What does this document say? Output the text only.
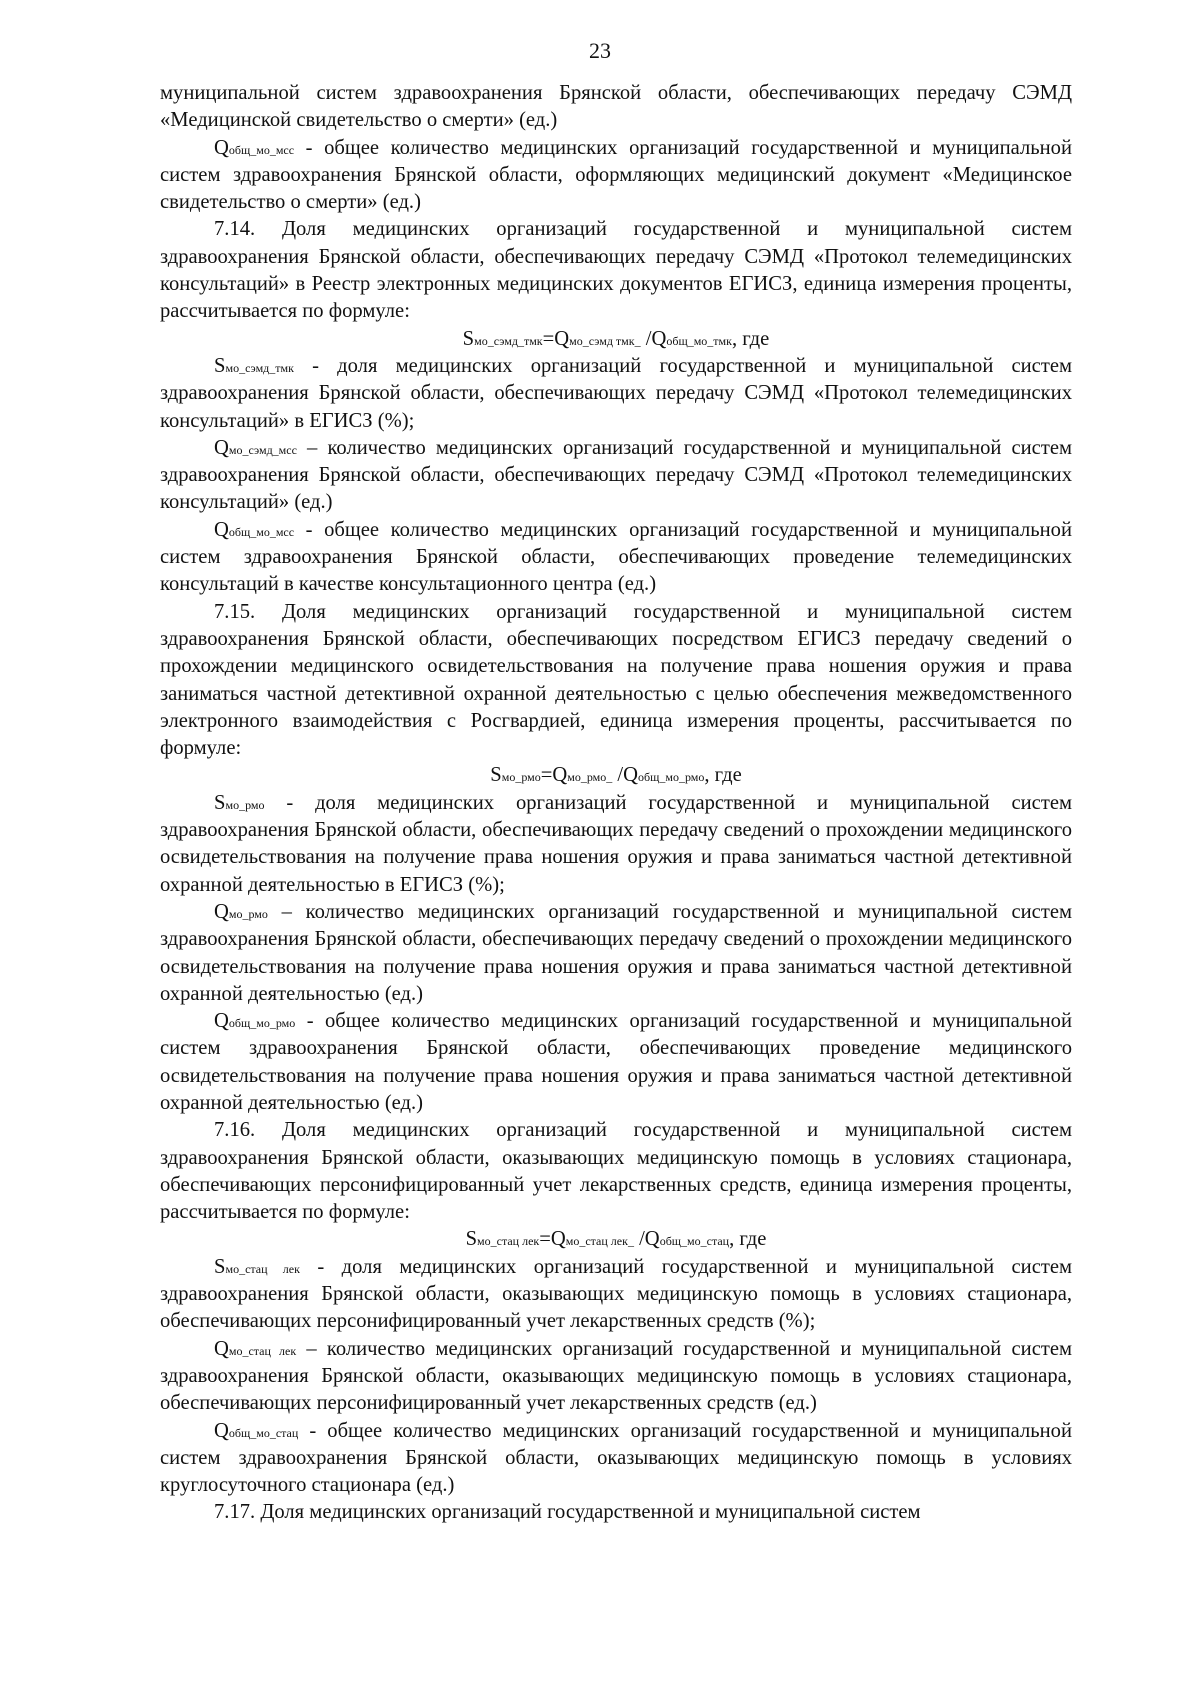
23

муниципальной систем здравоохранения Брянской области, обеспечивающих передачу СЭМД «Медицинской свидетельство о смерти» (ед.)

Qобщ_мо_мсс - общее количество медицинских организаций государственной и муниципальной систем здравоохранения Брянской области, оформляющих медицинский документ «Медицинское свидетельство о смерти» (ед.)

7.14. Доля медицинских организаций государственной и муниципальной систем здравоохранения Брянской области, обеспечивающих передачу СЭМД «Протокол телемедицинских консультаций» в Реестр электронных медицинских документов ЕГИСЗ, единица измерения проценты, рассчитывается по формуле:

Sмо_сэмд_тмк=Qмо_сэмд тмк_ /Qобщ_мо_тмк, где

Sмо_сэмд_тмк - доля медицинских организаций государственной и муниципальной систем здравоохранения Брянской области, обеспечивающих передачу СЭМД «Протокол телемедицинских консультаций» в ЕГИСЗ (%);

Qмо_сэмд_мсс – количество медицинских организаций государственной и муниципальной систем здравоохранения Брянской области, обеспечивающих передачу СЭМД «Протокол телемедицинских консультаций» (ед.)

Qобщ_мо_мсс - общее количество медицинских организаций государственной и муниципальной систем здравоохранения Брянской области, обеспечивающих проведение телемедицинских консультаций в качестве консультационного центра (ед.)

7.15. Доля медицинских организаций государственной и муниципальной систем здравоохранения Брянской области, обеспечивающих посредством ЕГИСЗ передачу сведений о прохождении медицинского освидетельствования на получение права ношения оружия и права заниматься частной детективной охранной деятельностью с целью обеспечения межведомственного электронного взаимодействия с Росгвардией, единица измерения проценты, рассчитывается по формуле:

Sмо_рмо=Qмо_рмо_ /Qобщ_мо_рмо, где

Sмо_рмо - доля медицинских организаций государственной и муниципальной систем здравоохранения Брянской области, обеспечивающих передачу сведений о прохождении медицинского освидетельствования на получение права ношения оружия и права заниматься частной детективной охранной деятельностью в ЕГИСЗ (%);

Qмо_рмо – количество медицинских организаций государственной и муниципальной систем здравоохранения Брянской области, обеспечивающих передачу сведений о прохождении медицинского освидетельствования на получение права ношения оружия и права заниматься частной детективной охранной деятельностью (ед.)

Qобщ_мо_рмо - общее количество медицинских организаций государственной и муниципальной систем здравоохранения Брянской области, обеспечивающих проведение медицинского освидетельствования на получение права ношения оружия и права заниматься частной детективной охранной деятельностью (ед.)

7.16. Доля медицинских организаций государственной и муниципальной систем здравоохранения Брянской области, оказывающих медицинскую помощь в условиях стационара, обеспечивающих персонифицированный учет лекарственных средств, единица измерения проценты, рассчитывается по формуле:

Sмо_стац лек=Qмо_стац лек_ /Qобщ_мо_стац, где

Sмо_стац лек - доля медицинских организаций государственной и муниципальной систем здравоохранения Брянской области, оказывающих медицинскую помощь в условиях стационара, обеспечивающих персонифицированный учет лекарственных средств (%);

Qмо_стац лек – количество медицинских организаций государственной и муниципальной систем здравоохранения Брянской области, оказывающих медицинскую помощь в условиях стационара, обеспечивающих персонифицированный учет лекарственных средств (ед.)

Qобщ_мо_стац - общее количество медицинских организаций государственной и муниципальной систем здравоохранения Брянской области, оказывающих медицинскую помощь в условиях круглосуточного стационара (ед.)

7.17. Доля медицинских организаций государственной и муниципальной систем
